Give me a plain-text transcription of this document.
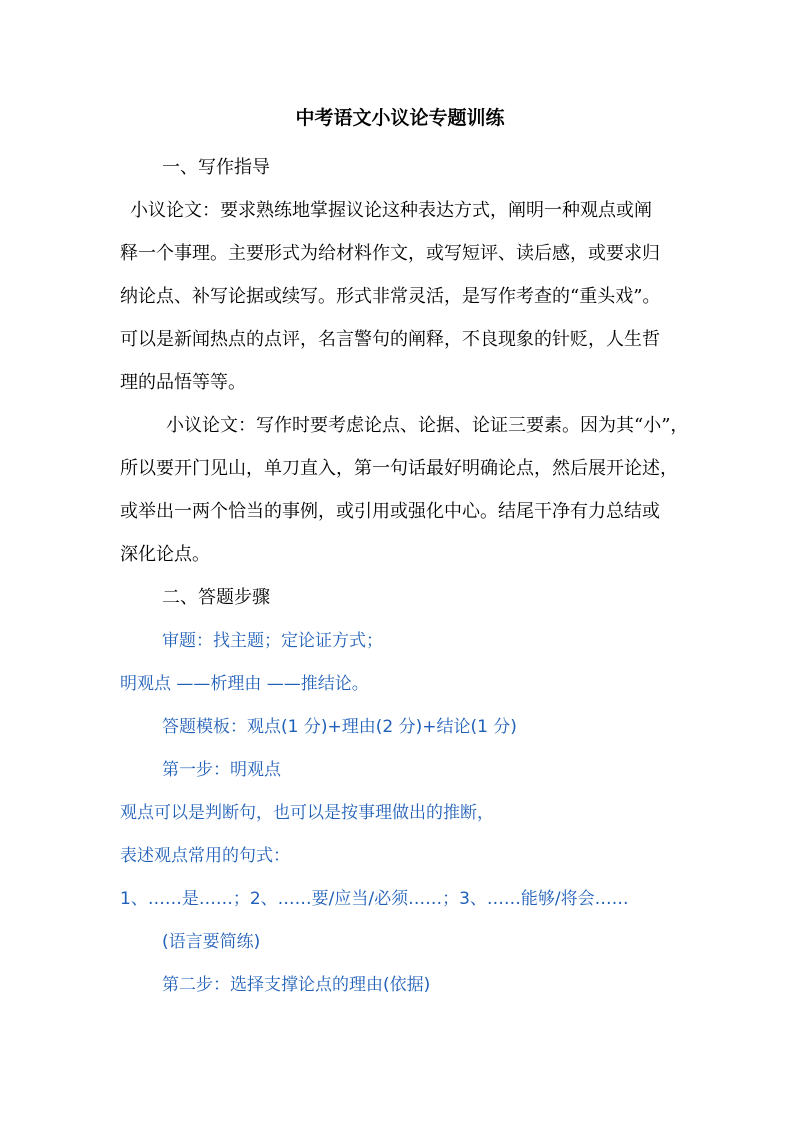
中考语文小议论专题训练
一、写作指导
小议论文：要求熟练地掌握议论这种表达方式，阐明一种观点或阐
释一个事理。主要形式为给材料作文，或写短评、读后感，或要求归
纳论点、补写论据或续写。形式非常灵活，是写作考查的“重头戏”。
可以是新闻热点的点评，名言警句的阐释，不良现象的针贬，人生哲
理的品悟等等。
小议论文：写作时要考虑论点、论据、论证三要素。因为其“小”，
所以要开门见山，单刀直入，第一句话最好明确论点，然后展开论述，
或举出一两个恰当的事例，或引用或强化中心。结尾干净有力总结或
深化论点。
二、答题步骤
审题：找主题；定论证方式；
明观点 ——析理由 ——推结论。
答题模板：观点(1 分)+理由(2 分)+结论(1 分)
第一步：明观点
观点可以是判断句，也可以是按事理做出的推断，
表述观点常用的句式：
1、……是……；2、……要/应当/必须……；3、……能够/将会……
(语言要简练)
第二步：选择支撑论点的理由(依据)
